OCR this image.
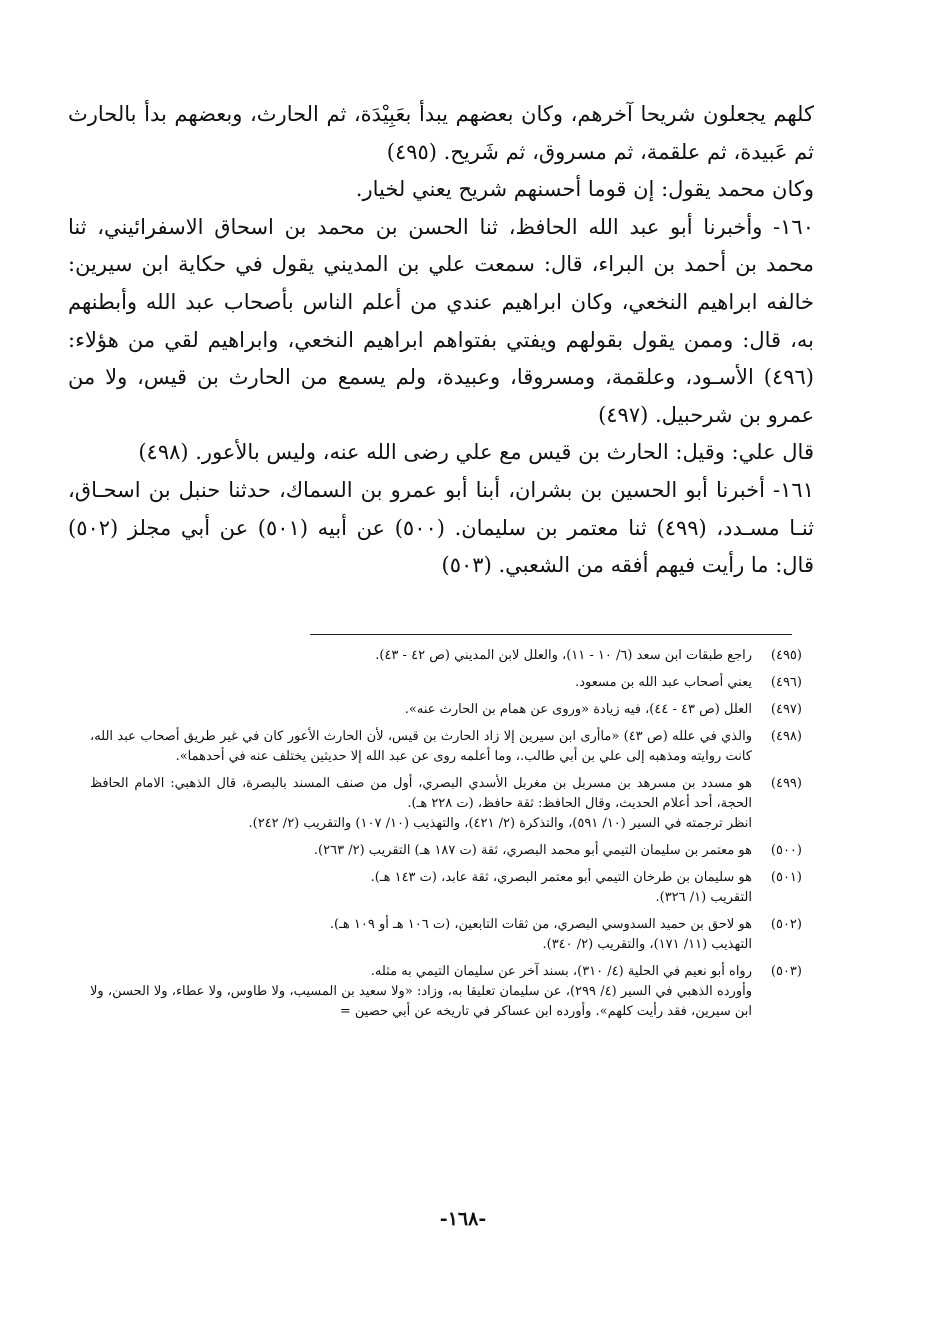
كلهم يجعلون شريحا آخرهم، وكان بعضهم يبدأ بعَبِيْدَة، ثم الحارث، وبعضهم بدأ بالحارث ثم عَبيدة، ثم علقمة، ثم مسروق، ثم شَريح. (٤٩٥)

وكان محمد يقول: إن قوما أحسنهم شريح يعني لخيار.

١٦٠- وأخبرنا أبو عبد الله الحافظ، ثنا الحسن بن محمد بن اسحاق الاسفرائيني، ثنا محمد بن أحمد بن البراء، قال: سمعت علي بن المديني يقول في حكاية ابن سيرين: خالفه ابراهيم النخعي، وكان ابراهيم عندي من أعلم الناس بأصحاب عبد الله وأبطنهم به، قال: وممن يقول بقولهم ويفتي بفتواهم ابراهيم النخعي، وابراهيم لقي من هؤلاء: (٤٩٦) الأسـود، وعلقمة، ومسروقا، وعبيدة، ولم يسمع من الحارث بن قيس، ولا من عمرو بن شرحبيل. (٤٩٧)

قال علي: وقيل: الحارث بن قيس مع علي رضى الله عنه، وليس بالأعور. (٤٩٨)

١٦١- أخبرنا أبو الحسين بن بشران، أبنا أبو عمرو بن السماك، حدثنا حنبل بن اسحـاق، ثنـا مسـدد، (٤٩٩) ثنا معتمر بن سليمان. (٥٠٠) عن أبيه (٥٠١) عن أبي مجلز (٥٠٢) قال: ما رأيت فيهم أفقه من الشعبي. (٥٠٣)

(٤٩٥)
راجع طبقات ابن سعد (٦/ ١٠ - ١١)، والعلل لابن المديني (ص ٤٢ - ٤٣).
(٤٩٦)
يعني أصحاب عبد الله بن مسعود.
(٤٩٧)
العلل (ص ٤٣ - ٤٤)، فيه زيادة «وروى عن همام بن الحارث عنه».
(٤٩٨)
والذي في علله (ص ٤٣) «ماأرى ابن سيرين إلا زاد الحارث بن قيس، لأن الحارث الأعور كان في غير طريق أصحاب عبد الله، كانت روايته ومذهبه إلى علي بن أبي طالب.، وما أعلمه روى عن عبد الله إلا حديثين يختلف عنه في أحدهما».
(٤٩٩)
هو مسدد بن مسرهد بن مسربل بن مغربل الأسدي البصري، أول من صنف المسند بالبصرة، قال الذهبي: الامام الحافظ الحجة، أحد أعلام الحديث، وقال الحافظ: ثقة حافظ، (ت ٢٢٨ هـ).
انظر ترجمته في السير (١٠/ ٥٩١)، والتذكرة (٢/ ٤٢١)، والتهذيب (١٠/ ١٠٧) والتقريب (٢/ ٢٤٢).
(٥٠٠)
هو معتمر بن سليمان التيمي أبو محمد البصري، ثقة (ت ١٨٧ هـ) التقريب (٢/ ٢٦٣).
(٥٠١)
هو سليمان بن طرخان التيمي أبو معتمر البصري، ثقة عابد، (ت ١٤٣ هـ).
التقريب (١/ ٣٢٦).
(٥٠٢)
هو لاحق بن حميد السدوسي البصري، من ثقات التابعين، (ت ١٠٦ هـ أو ١٠٩ هـ).
التهذيب (١١/ ١٧١)، والتقريب (٢/ ٣٤٠).
(٥٠٣)
رواه أبو نعيم في الحلية (٤/ ٣١٠)، بسند آخر عن سليمان التيمي به مثله.
وأورده الذهبي في السير (٤/ ٢٩٩)، عن سليمان تعليقا به، وزاد: «ولا سعيد بن المسيب، ولا طاوس، ولا عطاء، ولا الحسن، ولا ابن سيرين، فقد رأيت كلهم». وأورده ابن عساكر في تاريخه عن أبي حصين =
-١٦٨-
